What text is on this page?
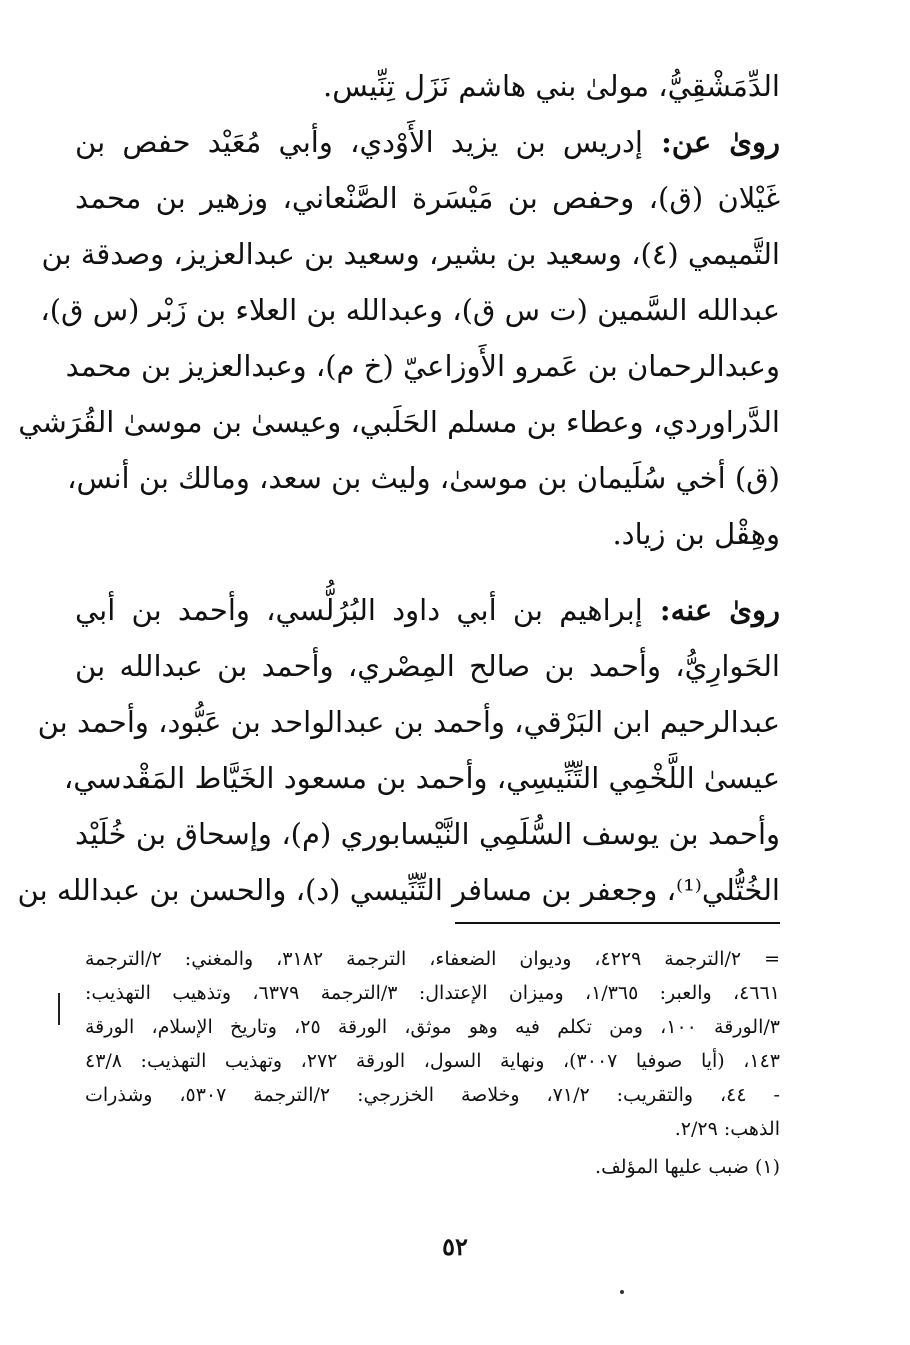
الدِّمَشْقِيُّ، مولىٰ بني هاشم نَزَل تِنِّيس.
رویٰ عن: إدريس بن يزيد الأَوْدي، وأبي مُعَيْد حفص بن
غَيْلان (ق)، وحفص بن مَيْسَرة الصَّنْعاني، وزهير بن محمد
التَّميمي (٤)، وسعيد بن بشير، وسعيد بن عبدالعزيز، وصدقة بن
عبدالله السَّمين (ت س ق)، وعبدالله بن العلاء بن زَبْر (س ق)،
وعبدالرحمان بن عَمرو الأَوزاعيّ (خ م)، وعبدالعزيز بن محمد
الدَّراوردي، وعطاء بن مسلم الحَلَبي، وعيسىٰ بن موسىٰ القُرَشي
(ق) أخي سُلَيمان بن موسىٰ، وليث بن سعد، ومالك بن أنس،
وهِقْل بن زياد.
رویٰ عنه: إبراهيم بن أبي داود البُرُلُّسي، وأحمد بن أبي
الحَوارِيُّ، وأحمد بن صالح المِصْري، وأحمد بن عبدالله بن
عبدالرحيم ابن البَرْقي، وأحمد بن عبدالواحد بن عَبُّود، وأحمد بن
عيسىٰ اللَّخْمِي التِّنِّيسِي، وأحمد بن مسعود الخَيَّاط المَقْدسي،
وأحمد بن يوسف السُّلَمِي النَّيْسابوري (م)، وإسحاق بن خُلَيْد
الخُتُّلي⁽¹⁾، وجعفر بن مسافر التِّنِّيسي (د)، والحسن بن عبدالله بن
= ٢/الترجمة ٤٢٢٩، وديوان الضعفاء، الترجمة ٣١٨٢، والمغني: ٢/الترجمة
٤٦٦١، والعبر: ١/٣٦٥، وميزان الإعتدال: ٣/الترجمة ٦٣٧٩، وتذهيب التهذيب:
٣/الورقة ١٠٠، ومن تكلم فيه وهو موثق، الورقة ٢٥، وتاريخ الإسلام، الورقة
١٤٣، (أيا صوفيا ٣٠٠٧)، ونهاية السول، الورقة ٢٧٢، وتهذيب التهذيب: ٤٣/٨
- ٤٤، والتقريب: ٧١/٢، وخلاصة الخزرجي: ٢/الترجمة ٥٣٠٧، وشذرات
الذهب: ٢/٢٩.
(١) ضبب عليها المؤلف.
٥٢
